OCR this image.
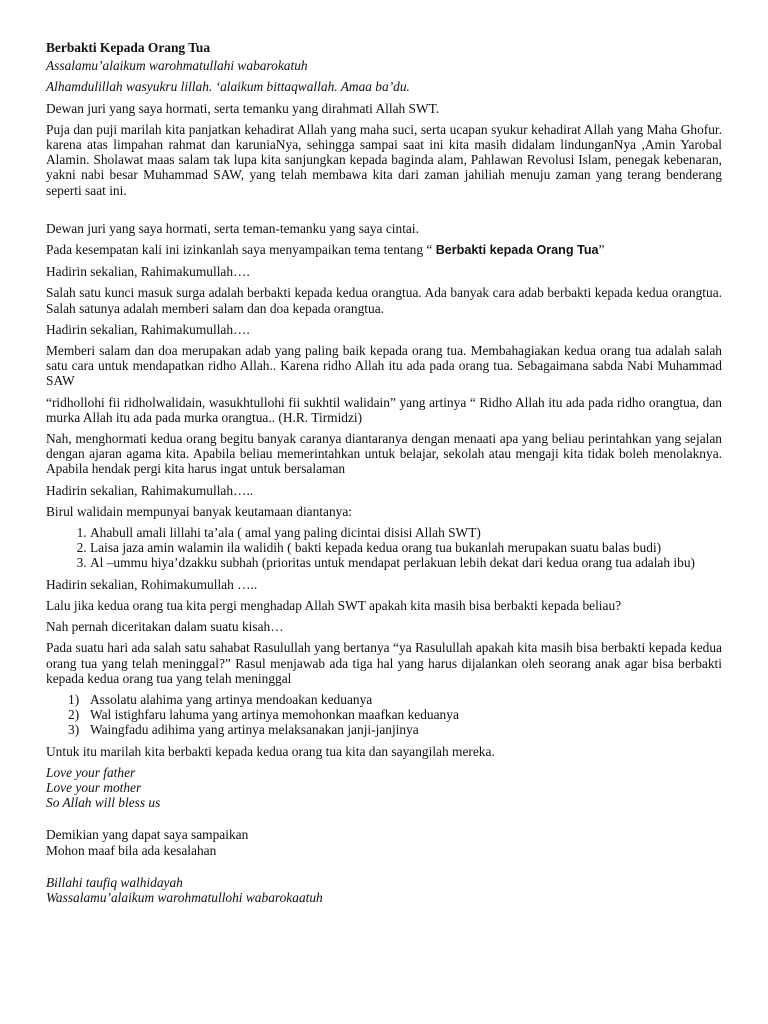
Berbakti Kepada Orang Tua

Assalamu’alaikum warohmatullahi wabarokatuh

Alhamdulillah wasyukru lillah. ‘alaikum bittaqwallah. Amaa ba’du.

Dewan juri yang saya hormati, serta temanku yang dirahmati Allah SWT.

Puja dan puji marilah kita panjatkan kehadirat Allah yang maha suci, serta ucapan syukur kehadirat Allah yang Maha Ghofur. karena atas limpahan rahmat dan karuniaNya, sehingga sampai saat ini kita masih didalam lindunganNya ,Amin Yarobal Alamin. Sholawat maas salam tak lupa kita sanjungkan kepada baginda alam, Pahlawan Revolusi Islam, penegak kebenaran, yakni nabi besar Muhammad SAW, yang telah membawa kita dari zaman jahiliah menuju zaman yang terang benderang seperti saat ini.

Dewan juri yang saya hormati, serta teman-temanku yang saya cintai.

Pada kesempatan kali ini izinkanlah saya menyampaikan tema tentang “ Berbakti kepada Orang Tua”

Hadirin sekalian, Rahimakumullah….

Salah satu kunci masuk surga adalah berbakti kepada kedua orangtua. Ada banyak cara adab berbakti kepada kedua orangtua. Salah satunya adalah memberi salam dan doa kepada orangtua.

Hadirin sekalian, Rahimakumullah….

Memberi salam dan doa merupakan adab yang paling baik kepada orang tua. Membahagiakan kedua orang tua adalah salah satu cara untuk mendapatkan ridho Allah.. Karena ridho Allah itu ada pada orang tua. Sebagaimana sabda Nabi Muhammad SAW

“ridhollohi fii ridholwalidain, wasukhtullohi fii sukhtil walidain” yang artinya “ Ridho Allah itu ada pada ridho orangtua, dan murka Allah itu ada pada murka orangtua.. (H.R. Tirmidzi)

Nah, menghormati kedua orang begitu banyak caranya diantaranya dengan menaati apa yang beliau perintahkan yang sejalan dengan ajaran agama kita. Apabila beliau memerintahkan untuk belajar, sekolah atau mengaji kita tidak boleh menolaknya. Apabila hendak pergi kita harus ingat untuk bersalaman

Hadirin sekalian, Rahimakumullah…..

Birul walidain mempunyai banyak keutamaan diantanya:

1. Ahabull amali lillahi ta’ala ( amal yang paling dicintai disisi Allah SWT)
2. Laisa jaza amin walamin ila walidih ( bakti kepada kedua orang tua bukanlah merupakan suatu balas budi)
3. Al –ummu hiya’dzakku subhah (prioritas untuk mendapat perlakuan lebih dekat dari kedua orang tua adalah ibu)

Hadirin sekalian, Rohimakumullah …..

Lalu jika kedua orang tua kita pergi menghadap Allah SWT apakah kita masih bisa berbakti kepada beliau?

Nah pernah diceritakan dalam suatu kisah…

Pada suatu hari ada salah satu sahabat Rasulullah yang bertanya “ya Rasulullah apakah kita masih bisa berbakti kepada kedua orang tua yang telah meninggal?” Rasul menjawab ada tiga hal yang harus dijalankan oleh seorang anak agar bisa berbakti kepada kedua orang tua yang telah meninggal

1) Assolatu alahima yang artinya mendoakan keduanya
2) Wal istighfaru lahuma yang artinya memohonkan maafkan keduanya
3) Waingfadu adihima yang artinya melaksanakan janji-janjinya

Untuk itu marilah kita berbakti kepada kedua orang tua kita dan sayangilah mereka.

Love your father

Love your mother

So Allah will bless us

Demikian yang dapat saya sampaikan

Mohon maaf bila ada kesalahan

Billahi taufiq walhidayah

Wassalamu’alaikum warohmatullohi wabarokaatuh
